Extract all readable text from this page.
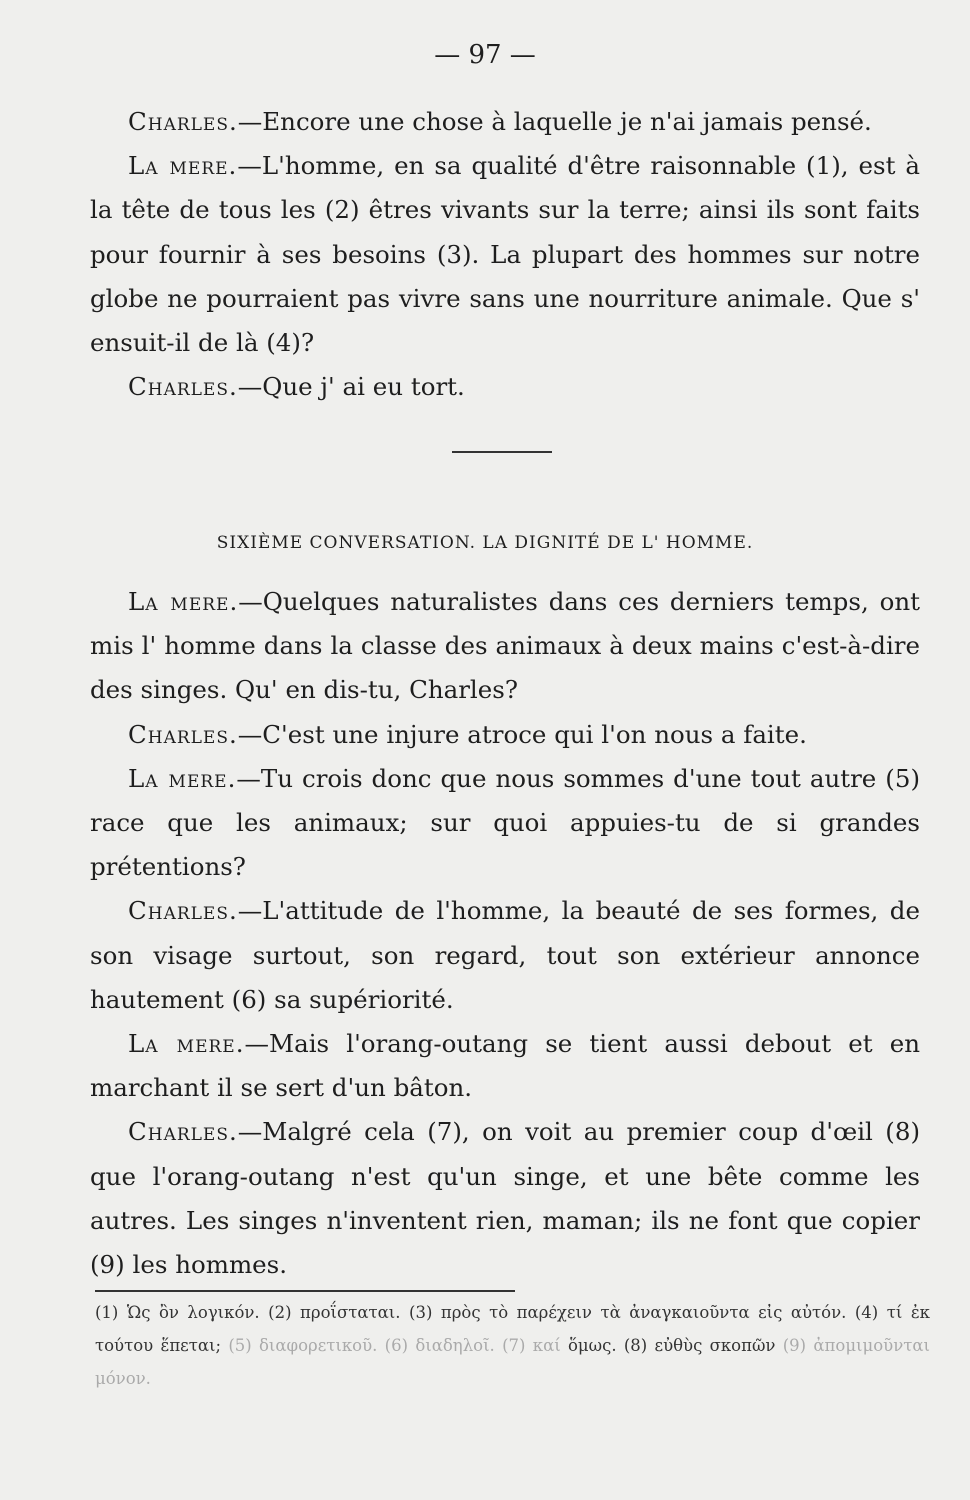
— 97 —

Charles.—Encore une chose à laquelle je n'ai jamais pensé.

La mere.—L'homme, en sa qualité d'être raisonnable (1), est à la tête de tous les (2) êtres vivants sur la terre; ainsi ils sont faits pour fournir à ses besoins (3). La plupart des hommes sur notre globe ne pourraient pas vivre sans une nourriture animale. Que s' ensuit-il de là (4)?

Charles.—Que j' ai eu tort.

SIXIÈME CONVERSATION. LA DIGNITÉ DE L' HOMME.

La mere.—Quelques naturalistes dans ces derniers temps, ont mis l' homme dans la classe des animaux à deux mains c'est-à-dire des singes. Qu' en dis-tu, Charles?

Charles.—C'est une injure atroce qui l'on nous a faite.

La mere.—Tu crois donc que nous sommes d'une tout autre (5) race que les animaux; sur quoi appuies-tu de si grandes prétentions?

Charles.—L'attitude de l'homme, la beauté de ses formes, de son visage surtout, son regard, tout son extérieur annonce hautement (6) sa supériorité.

La mere.—Mais l'orang-outang se tient aussi debout et en marchant il se sert d'un bâton.

Charles.—Malgré cela (7), on voit au premier coup d'œil (8) que l'orang-outang n'est qu'un singe, et une bête comme les autres. Les singes n'inventent rien, maman; ils ne font que copier (9) les hommes.

(1) Ὡς ὂν λογικόν. (2) προΐσταται. (3) πρὸς τὸ παρέχειν τὰ ἀναγκαιοῦντα εἰς αὐτόν. (4) τί ἐκ τούτου ἕπεται; (5) διαφορετικοῦ. (6) διαδηλοῖ. (7) καί ὅμως. (8) εὐθὺς σκοπῶν (9) ἀπομιμοῦνται μόνον.
